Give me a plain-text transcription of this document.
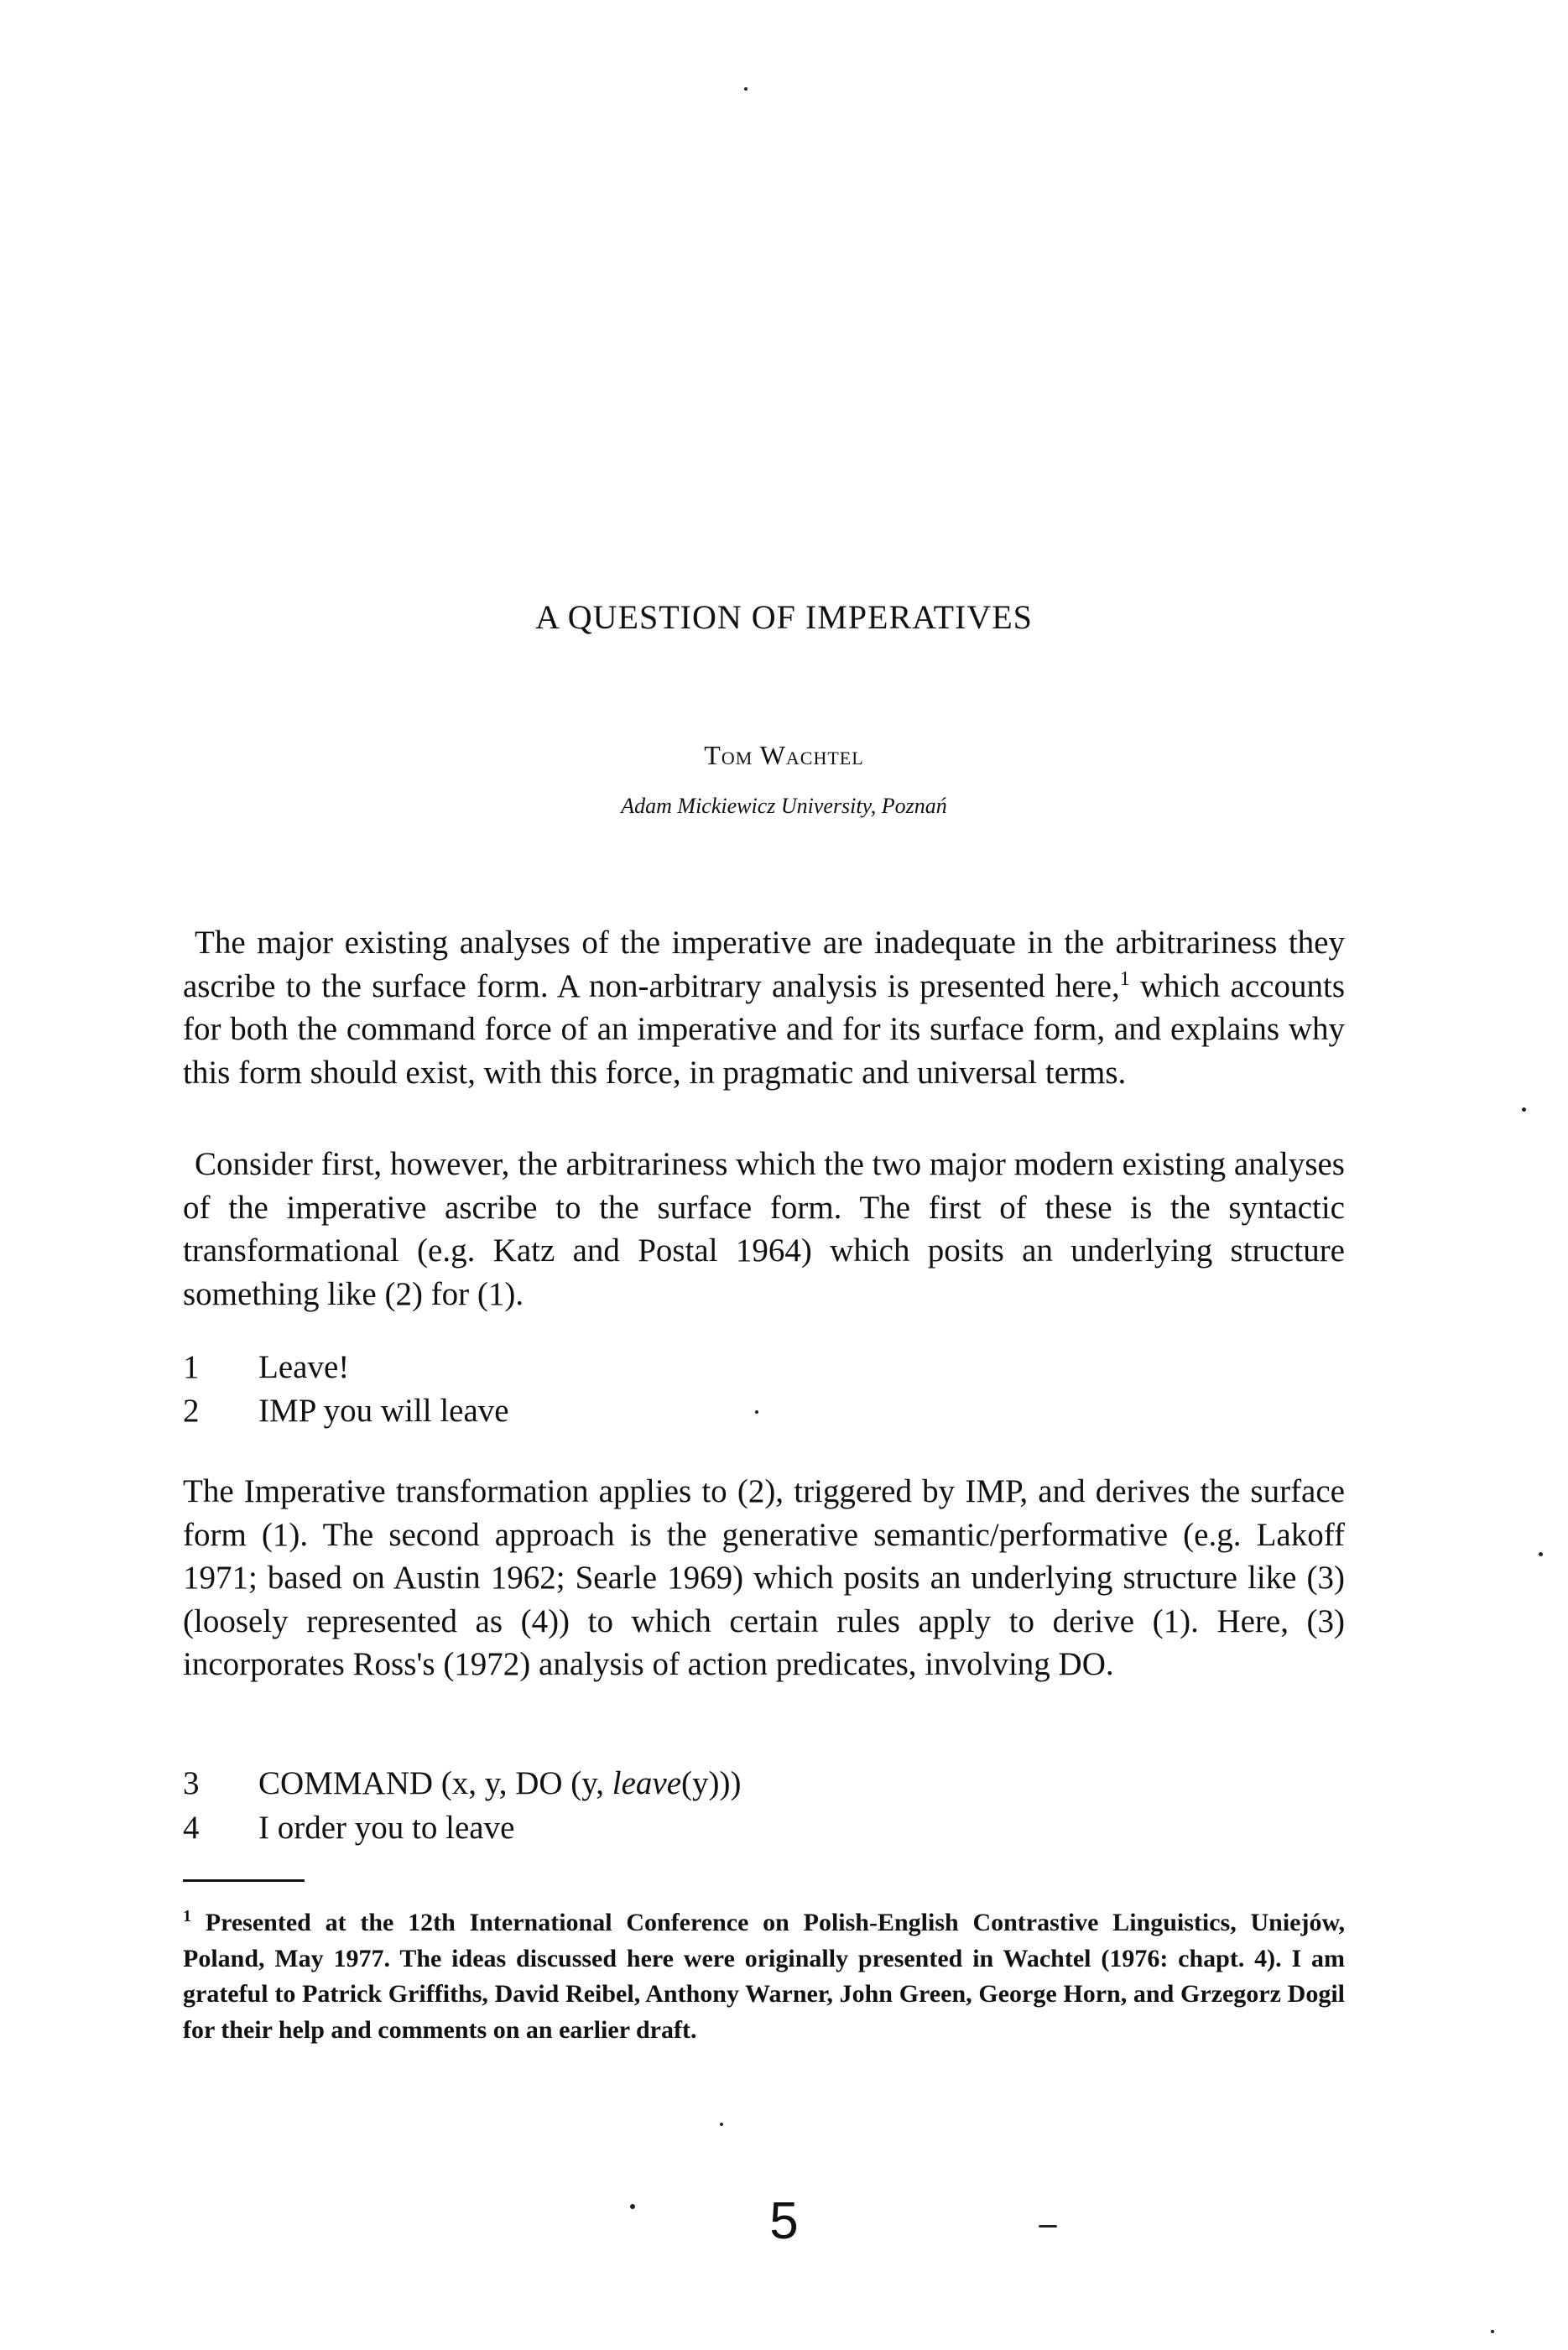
A QUESTION OF IMPERATIVES
Tom Wachtel
Adam Mickiewicz University, Poznań

The major existing analyses of the imperative are inadequate in the arbitrariness they ascribe to the surface form. A non-arbitrary analysis is presented here,$^1$ which accounts for both the command force of an imperative and for its surface form, and explains why this form should exist, with this force, in pragmatic and universal terms.

Consider first, however, the arbitrariness which the two major modern existing analyses of the imperative ascribe to the surface form. The first of these is the syntactic transformational (e.g. Katz and Postal 1964) which posits an underlying structure something like (2) for (1).

1	Leave!
2	IMP you will leave

The Imperative transformation applies to (2), triggered by IMP, and derives the surface form (1). The second approach is the generative semantic/performative (e.g. Lakoff 1971; based on Austin 1962; Searle 1969) which posits an underlying structure like (3) (loosely represented as (4)) to which certain rules apply to derive (1). Here, (3) incorporates Ross's (1972) analysis of action predicates, involving DO.

3	COMMAND (x, y, DO (y, leave(y)))
4	I order you to leave
$^1$ Presented at the 12th International Conference on Polish-English Contrastive Linguistics, Uniejów, Poland, May 1977. The ideas discussed here were originally presented in Wachtel (1976: chapt. 4). I am grateful to Patrick Griffiths, David Reibel, Anthony Warner, John Green, George Horn, and Grzegorz Dogil for their help and comments on an earlier draft.
5
